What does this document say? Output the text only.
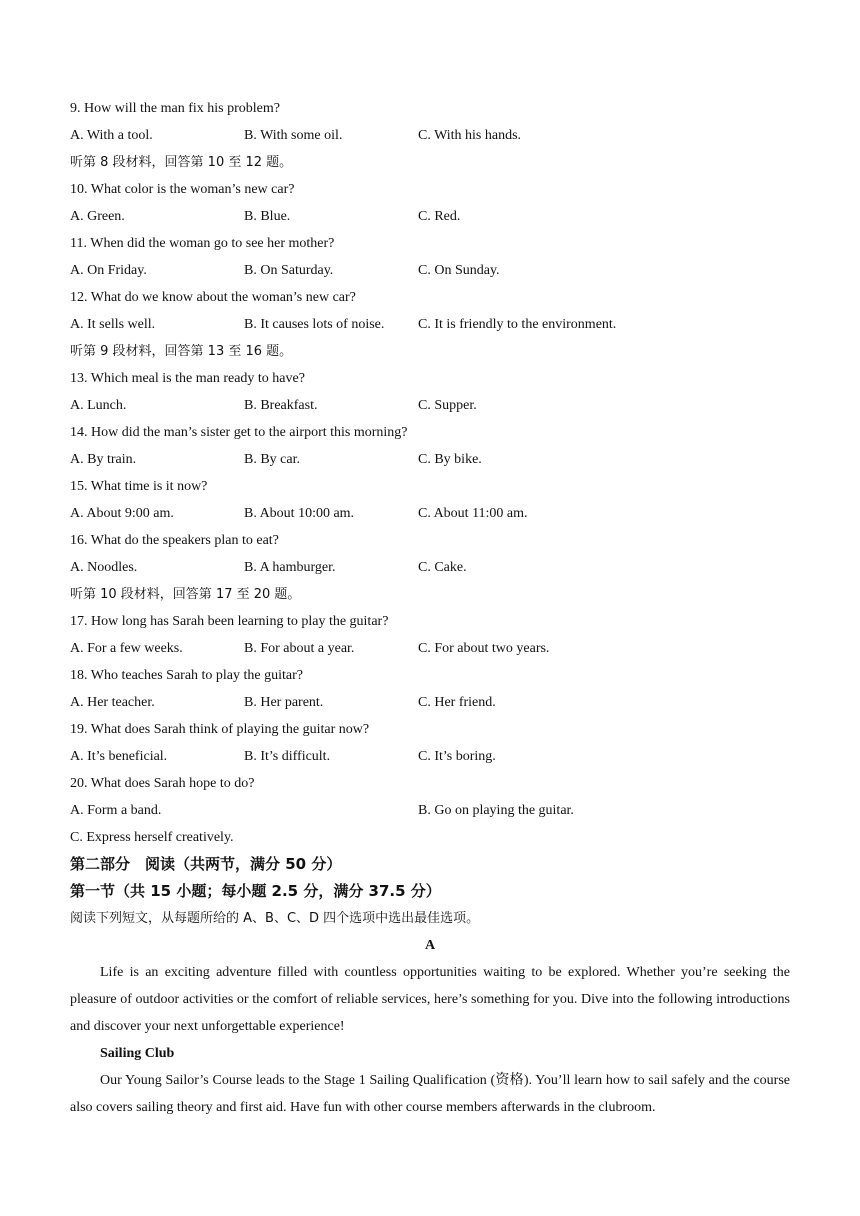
9. How will the man fix his problem?
A. With a tool.	B. With some oil.	C. With his hands.
听第 8 段材料，回答第 10 至 12 题。
10. What color is the woman’s new car?
A. Green.	B. Blue.	C. Red.
11. When did the woman go to see her mother?
A. On Friday.	B. On Saturday.	C. On Sunday.
12. What do we know about the woman’s new car?
A. It sells well.	B. It causes lots of noise. C. It is friendly to the environment.
听第 9 段材料，回答第 13 至 16 题。
13. Which meal is the man ready to have?
A. Lunch.	B. Breakfast.	C. Supper.
14. How did the man’s sister get to the airport this morning?
A. By train.	B. By car.	C. By bike.
15. What time is it now?
A. About 9:00 am.	B. About 10:00 am.	C. About 11:00 am.
16. What do the speakers plan to eat?
A. Noodles.	B. A hamburger.	C. Cake.
听第 10 段材料，回答第 17 至 20 题。
17. How long has Sarah been learning to play the guitar?
A. For a few weeks.	B. For about a year.	C. For about two years.
18. Who teaches Sarah to play the guitar?
A. Her teacher.	B. Her parent.	C. Her friend.
19. What does Sarah think of playing the guitar now?
A. It’s beneficial.	B. It’s difficult.	C. It’s boring.
20. What does Sarah hope to do?
A. Form a band.	B. Go on playing the guitar.
C. Express herself creatively.
第二部分　阅读（共两节，满分 50 分）
第一节（共 15 小题；每小题 2.5 分，满分 37.5 分）
阅读下列短文，从每题所给的 A、B、C、D 四个选项中选出最佳选项。
A

Life is an exciting adventure filled with countless opportunities waiting to be explored. Whether you’re seeking the pleasure of outdoor activities or the comfort of reliable services, here’s something for you. Dive into the following introductions and discover your next unforgettable experience!

Sailing Club

Our Young Sailor’s Course leads to the Stage 1 Sailing Qualification (资格). You’ll learn how to sail safely and the course also covers sailing theory and first aid. Have fun with other course members afterwards in the clubroom.
